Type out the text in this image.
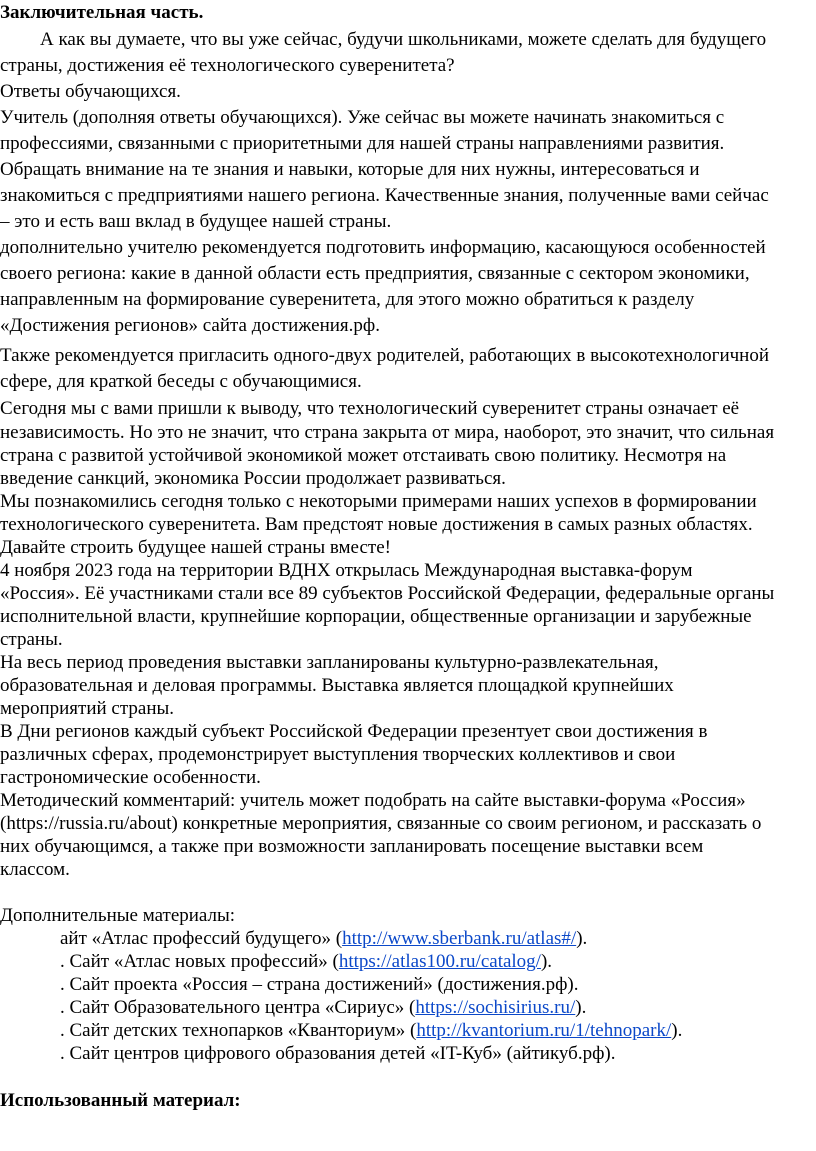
Заключительная часть.
А как вы думаете, что вы уже сейчас, будучи школьниками, можете сделать для будущего
страны, достижения её технологического суверенитета?
Ответы обучающихся.
Учитель (дополняя ответы обучающихся). Уже сейчас вы можете начинать знакомиться с
профессиями, связанными с приоритетными для нашей страны направлениями развития.
Обращать внимание на те знания и навыки, которые для них нужны, интересоваться и
знакомиться с предприятиями нашего региона. Качественные знания, полученные вами сейчас
– это и есть ваш вклад в будущее нашей страны.
дополнительно учителю рекомендуется подготовить информацию, касающуюся особенностей
своего региона: какие в данной области есть предприятия, связанные с сектором экономики,
направленным на формирование суверенитета, для этого можно обратиться к разделу
«Достижения регионов» сайта достижения.рф.
Также рекомендуется пригласить одного-двух родителей, работающих в высокотехнологичной
сфере, для краткой беседы с обучающимися.
Сегодня мы с вами пришли к выводу, что технологический суверенитет страны означает её
независимость. Но это не значит, что страна закрыта от мира, наоборот, это значит, что сильная
страна с развитой устойчивой экономикой может отстаивать свою политику. Несмотря на
введение санкций, экономика России продолжает развиваться.
Мы познакомились сегодня только с некоторыми примерами наших успехов в формировании
технологического суверенитета. Вам предстоят новые достижения в самых разных областях.
Давайте строить будущее нашей страны вместе!
4 ноября 2023 года на территории ВДНХ открылась Международная выставка-форум
«Россия». Её участниками стали все 89 субъектов Российской Федерации, федеральные органы
исполнительной власти, крупнейшие корпорации, общественные организации и зарубежные
страны.
На весь период проведения выставки запланированы культурно-развлекательная,
образовательная и деловая программы. Выставка является площадкой крупнейших
мероприятий страны.
В Дни регионов каждый субъект Российской Федерации презентует свои достижения в
различных сферах, продемонстрирует выступления творческих коллективов и свои
гастрономические особенности.
Методический комментарий: учитель может подобрать на сайте выставки-форума «Россия»
(https://russia.ru/about) конкретные мероприятия, связанные со своим регионом, и рассказать о
них обучающимся, а также при возможности запланировать посещение выставки всем
классом.
Дополнительные материалы:
айт «Атлас профессий будущего» (http://www.sberbank.ru/atlas#/).
. Сайт «Атлас новых профессий» (https://atlas100.ru/catalog/).
. Сайт проекта «Россия – страна достижений» (достижения.рф).
. Сайт Образовательного центра «Сириус» (https://sochisirius.ru/).
. Сайт детских технопарков «Кванториум» (http://kvantorium.ru/1/tehnopark/).
. Сайт центров цифрового образования детей «IT-Куб» (айтикуб.рф).
Использованный материал:
